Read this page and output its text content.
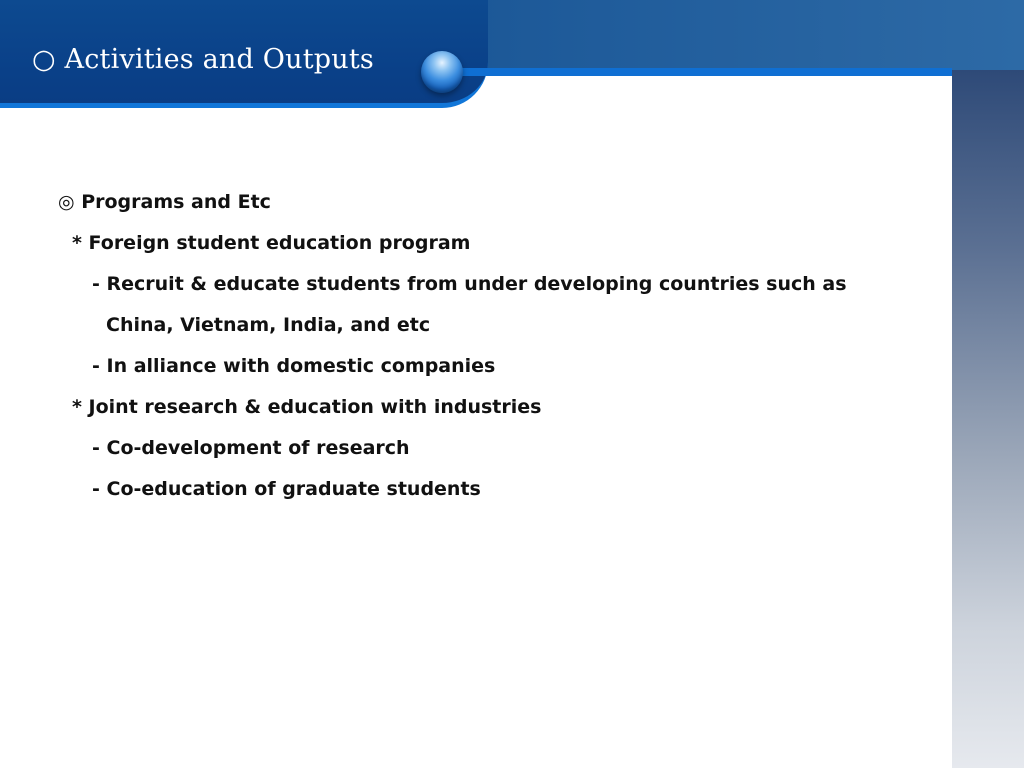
○ Activities and Outputs
◎ Programs and Etc
* Foreign student education program
- Recruit & educate students from under developing countries such as
China, Vietnam, India, and etc
- In alliance with domestic companies
* Joint research & education with industries
- Co-development of research
- Co-education of graduate students
